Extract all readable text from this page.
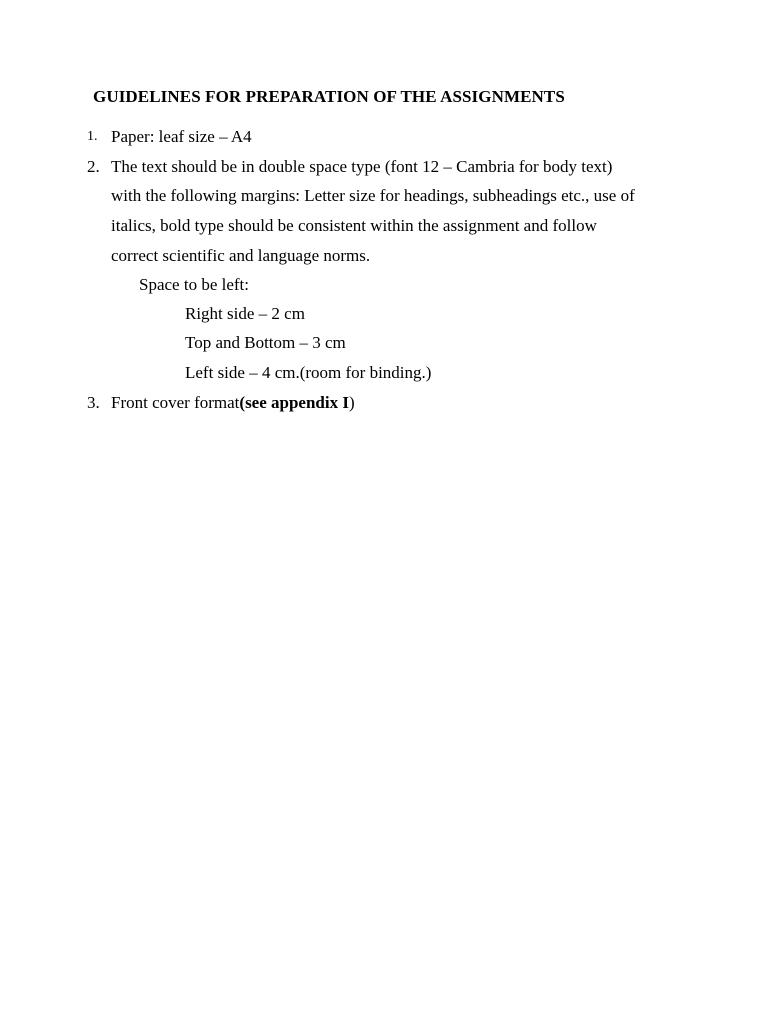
GUIDELINES FOR PREPARATION OF THE ASSIGNMENTS
1. Paper: leaf size – A4
2. The text should be in double space type (font 12 – Cambria for body text)
with the following margins: Letter size for headings, subheadings etc., use of
italics, bold type should be consistent within the assignment and follow
correct scientific and language norms.
Space to be left:
Right side – 2 cm
Top and Bottom – 3 cm
Left side – 4 cm.(room for binding.)
3. Front cover format(see appendix I)
